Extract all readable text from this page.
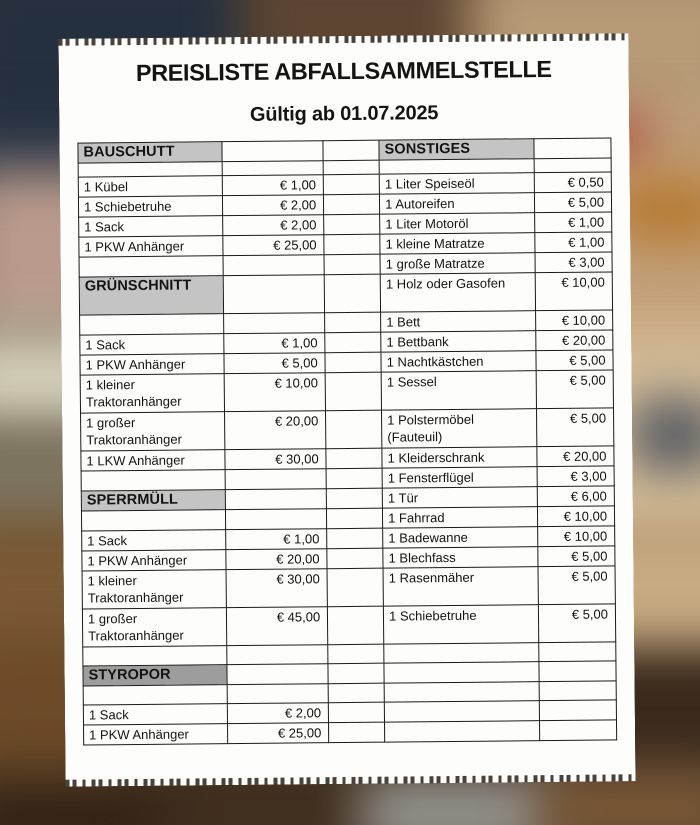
PREISLISTE ABFALLSAMMELSTELLE
Gültig ab 01.07.2025
BAUSCHUTT			SONSTIGES	

1 Kübel	€ 1,00		1 Liter Speiseöl	€ 0,50
1 Schiebetruhe	€ 2,00		1 Autoreifen	€ 5,00
1 Sack	€ 2,00		1 Liter Motoröl	€ 1,00
1 PKW Anhänger	€ 25,00		1 kleine Matratze	€ 1,00
			1 große Matratze	€ 3,00
GRÜNSCHNITT			1 Holz oder Gasofen	€ 10,00
			1 Bett	€ 10,00
1 Sack	€ 1,00		1 Bettbank	€ 20,00
1 PKW Anhänger	€ 5,00		1 Nachtkästchen	€ 5,00
1 kleiner Traktoranhänger	€ 10,00		1 Sessel	€ 5,00
1 großer Traktoranhänger	€ 20,00		1 Polstermöbel (Fauteuil)	€ 5,00
1 LKW Anhänger	€ 30,00		1 Kleiderschrank	€ 20,00
			1 Fensterflügel	€ 3,00
SPERRMÜLL			1 Tür	€ 6,00
			1 Fahrrad	€ 10,00
1 Sack	€ 1,00		1 Badewanne	€ 10,00
1 PKW Anhänger	€ 20,00		1 Blechfass	€ 5,00
1 kleiner Traktoranhänger	€ 30,00		1 Rasenmäher	€ 5,00
1 großer Traktoranhänger	€ 45,00		1 Schiebetruhe	€ 5,00

STYROPOR				

1 Sack	€ 2,00			
1 PKW Anhänger	€ 25,00			
